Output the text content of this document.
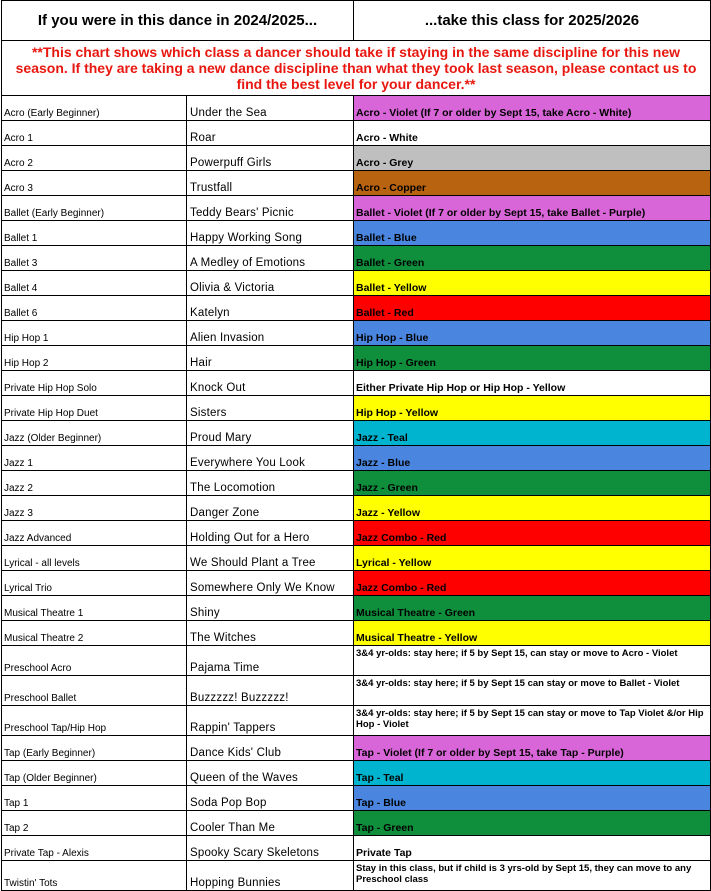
If you were in this dance in 2024/2025...		...take this class for 2025/2026
**This chart shows which class a dancer should take if staying in the same discipline for this new season. If they are taking a new dance discipline than what they took last season, please contact us to find the best level for your dancer.**		
Acro (Early Beginner)	Under the Sea	Acro - Violet (If 7 or older by Sept 15, take Acro - White)
Acro 1	Roar	Acro - White
Acro 2	Powerpuff Girls	Acro - Grey
Acro 3	Trustfall	Acro - Copper
Ballet (Early Beginner)	Teddy Bears' Picnic	Ballet - Violet (If 7 or older by Sept 15, take Ballet - Purple)
Ballet 1	Happy Working Song	Ballet - Blue
Ballet 3	A Medley of Emotions	Ballet - Green
Ballet 4	Olivia & Victoria	Ballet - Yellow
Ballet 6	Katelyn	Ballet - Red
Hip Hop 1	Alien Invasion	Hip Hop - Blue
Hip Hop 2	Hair	Hip Hop - Green
Private Hip Hop Solo	Knock Out	Either Private Hip Hop or Hip Hop - Yellow
Private Hip Hop Duet	Sisters	Hip Hop - Yellow
Jazz (Older Beginner)	Proud Mary	Jazz - Teal
Jazz 1	Everywhere You Look	Jazz - Blue
Jazz 2	The Locomotion	Jazz - Green
Jazz 3	Danger Zone	Jazz - Yellow
Jazz Advanced	Holding Out for a Hero	Jazz Combo - Red
Lyrical - all levels	We Should Plant a Tree	Lyrical - Yellow
Lyrical Trio	Somewhere Only We Know	Jazz Combo - Red
Musical Theatre 1	Shiny	Musical Theatre - Green
Musical Theatre 2	The Witches	Musical Theatre - Yellow
Preschool Acro	Pajama Time	3&4 yr-olds: stay here; if 5 by Sept 15, can stay or move to Acro - Violet
Preschool Ballet	Buzzzzz! Buzzzzz!	3&4 yr-olds: stay here; if 5 by Sept 15 can stay or move to Ballet - Violet
Preschool Tap/Hip Hop	Rappin' Tappers	3&4 yr-olds: stay here; if 5 by Sept 15 can stay or move to Tap Violet &/or Hip Hop - Violet
Tap (Early Beginner)	Dance Kids' Club	Tap - Violet (If 7 or older by Sept 15, take Tap - Purple)
Tap (Older Beginner)	Queen of the Waves	Tap - Teal
Tap 1	Soda Pop Bop	Tap - Blue
Tap 2	Cooler Than Me	Tap - Green
Private Tap - Alexis	Spooky Scary Skeletons	Private Tap
Twistin' Tots	Hopping Bunnies	Stay in this class, but if child is 3 yrs-old by Sept 15, they can move to any Preschool class
